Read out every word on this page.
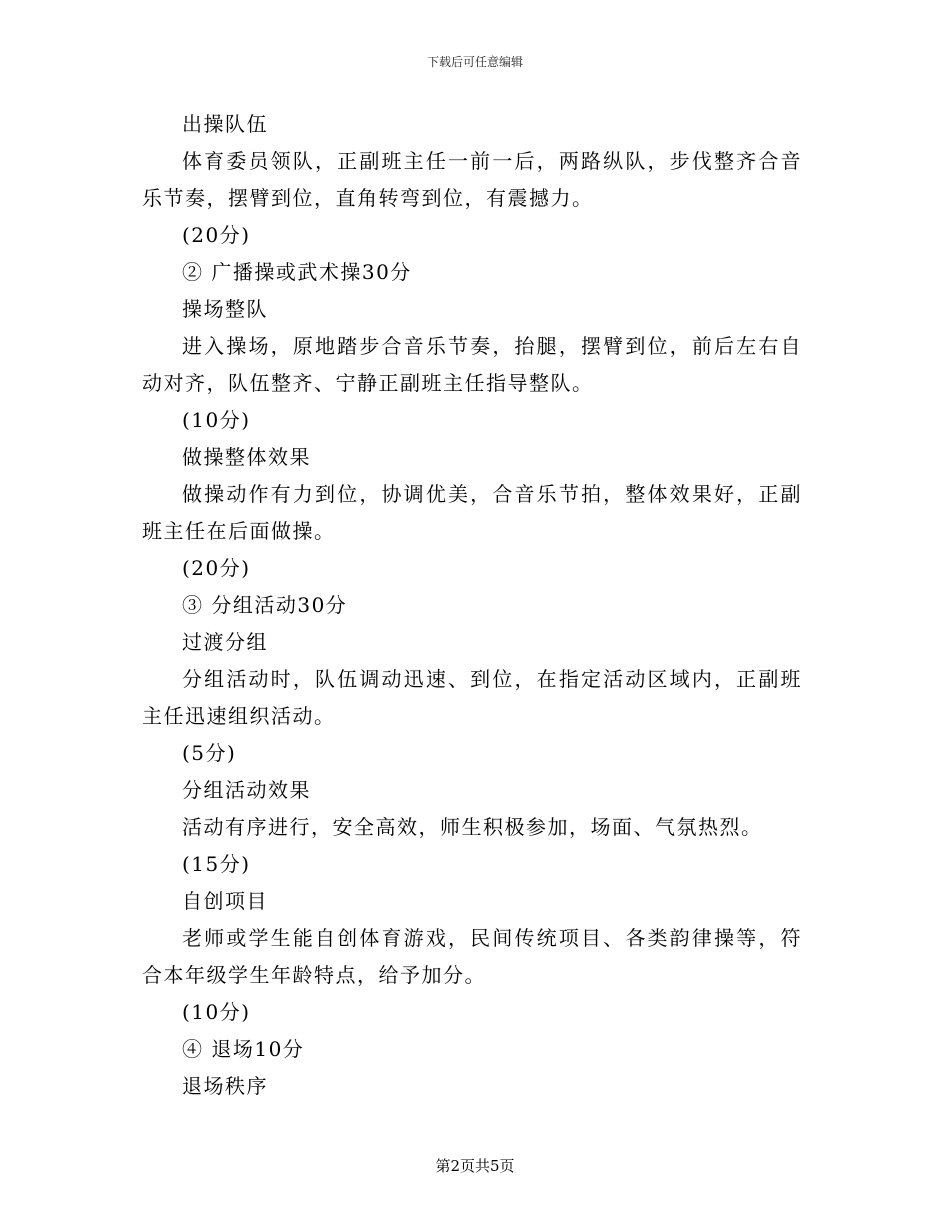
下载后可任意编辑

出操队伍

体育委员领队，正副班主任一前一后，两路纵队，步伐整齐合音乐节奏，摆臂到位，直角转弯到位，有震撼力。

(20分)

② 广播操或武术操30分

操场整队

进入操场，原地踏步合音乐节奏，抬腿，摆臂到位，前后左右自动对齐，队伍整齐、宁静正副班主任指导整队。

(10分)

做操整体效果

做操动作有力到位，协调优美，合音乐节拍，整体效果好，正副班主任在后面做操。

(20分)

③ 分组活动30分

过渡分组

分组活动时，队伍调动迅速、到位，在指定活动区域内，正副班主任迅速组织活动。

(5分)

分组活动效果

活动有序进行，安全高效，师生积极参加，场面、气氛热烈。

(15分)

自创项目

老师或学生能自创体育游戏，民间传统项目、各类韵律操等，符合本年级学生年龄特点，给予加分。

(10分)

④ 退场10分

退场秩序

第2页共5页
